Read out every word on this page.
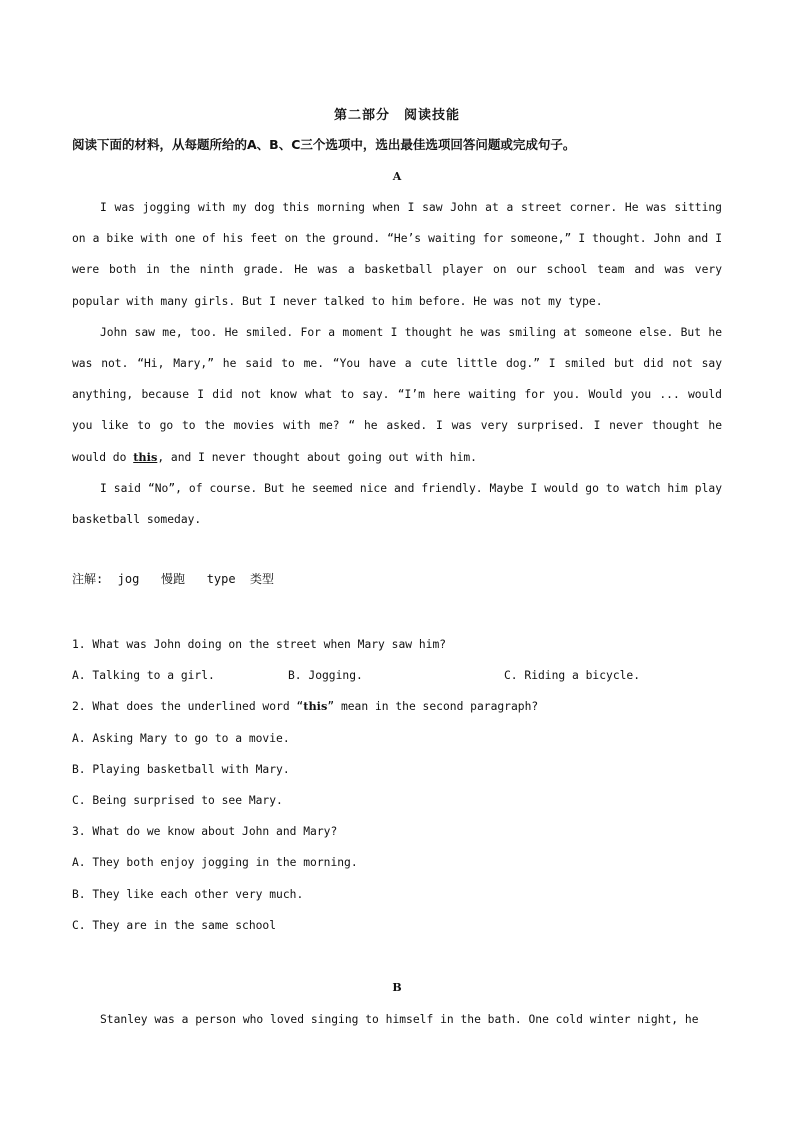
第二部分　阅读技能
阅读下面的材料，从每题所给的A、B、C三个选项中，选出最佳选项回答问题或完成句子。
A

I was jogging with my dog this morning when I saw John at a street corner. He was sitting on a bike with one of his feet on the ground. “He’s waiting for someone,” I thought. John and I were both in the ninth grade. He was a basketball player on our school team and was very popular with many girls. But I never talked to him before. He was not my type.

John saw me, too. He smiled. For a moment I thought he was smiling at someone else. But he was not. “Hi, Mary,” he said to me. “You have a cute little dog.” I smiled but did not say anything, because I did not know what to say. “I’m here waiting for you. Would you ... would you like to go to the movies with me? “ he asked. I was very surprised. I never thought he would do this, and I never thought about going out with him.

I said “No”, of course. But he seemed nice and friendly. Maybe I would go to watch him play basketball someday.

注解:  jog   慢跑   type  类型
1. What was John doing on the street when Mary saw him?
A. Talking to a girl.	B. Jogging.	C. Riding a bicycle.
2. What does the underlined word “this” mean in the second paragraph?
A. Asking Mary to go to a movie.
B. Playing basketball with Mary.
C. Being surprised to see Mary.
3. What do we know about John and Mary?
A. They both enjoy jogging in the morning.
B. They like each other very much.
C. They are in the same school
B

Stanley was a person who loved singing to himself in the bath. One cold winter night, he
